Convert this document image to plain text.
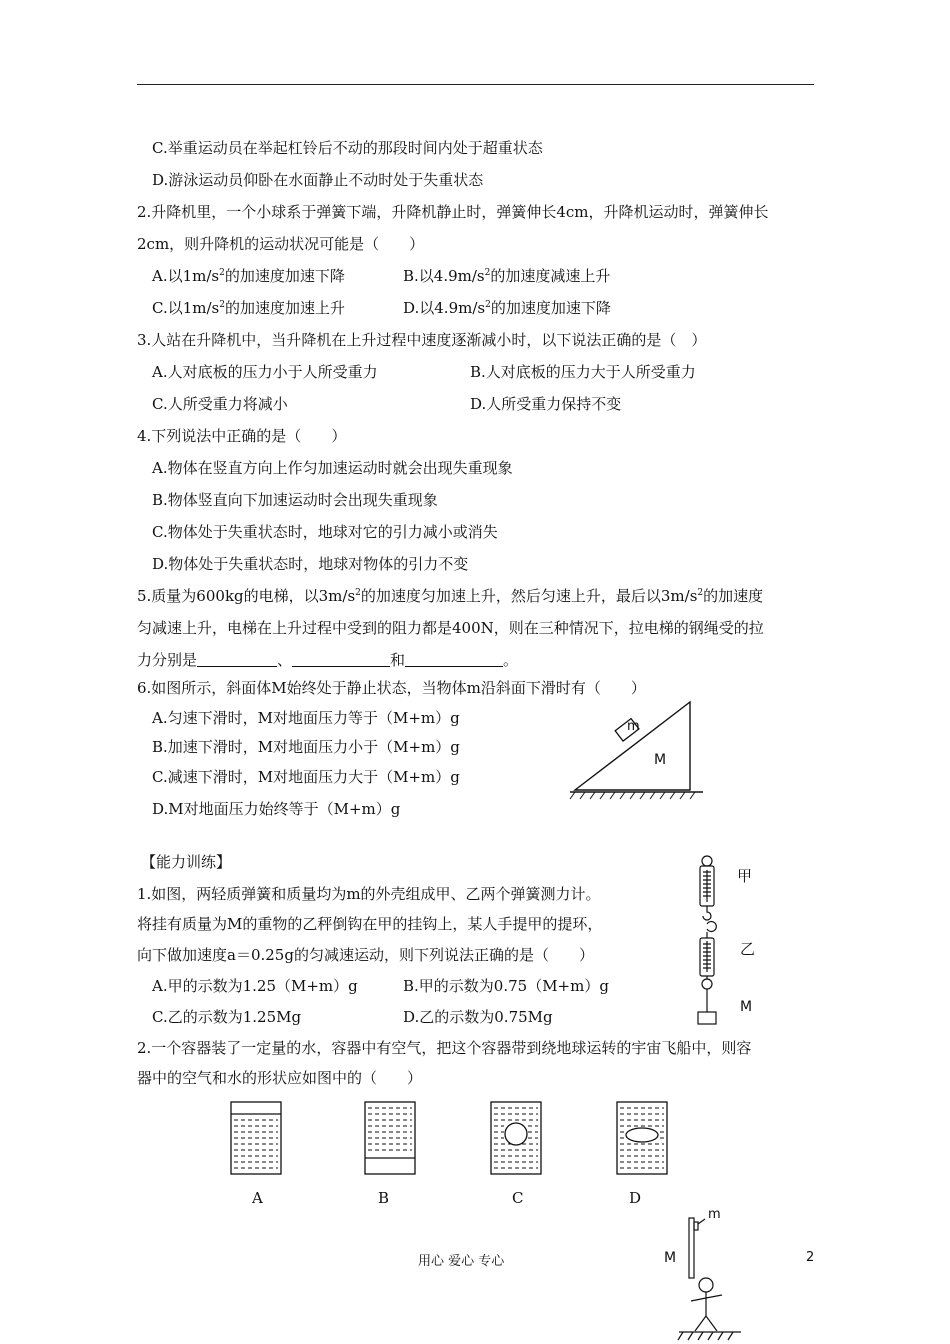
C.举重运动员在举起杠铃后不动的那段时间内处于超重状态
D.游泳运动员仰卧在水面静止不动时处于失重状态
2.升降机里，一个小球系于弹簧下端，升降机静止时，弹簧伸长4cm，升降机运动时，弹簧伸长
2cm，则升降机的运动状况可能是（　　）
A.以$1m/s^2$的加速度加速下降	B.以$4.9m/s^2$的加速度减速上升
C.以$1m/s^2$的加速度加速上升	D.以$4.9m/s^2$的加速度加速下降
3.人站在升降机中，当升降机在上升过程中速度逐渐减小时，以下说法正确的是（　）
A.人对底板的压力小于人所受重力	B.人对底板的压力大于人所受重力
C.人所受重力将减小	D.人所受重力保持不变
4.下列说法中正确的是（　　）
A.物体在竖直方向上作匀加速运动时就会出现失重现象
B.物体竖直向下加速运动时会出现失重现象
C.物体处于失重状态时，地球对它的引力减小或消失
D.物体处于失重状态时，地球对物体的引力不变
5.质量为600kg的电梯，以$3m/s^2$的加速度匀加速上升，然后匀速上升，最后以$3m/s^2$的加速度
匀减速上升，电梯在上升过程中受到的阻力都是400N，则在三种情况下，拉电梯的钢绳受的拉
力分别是	、	和	。
6.如图所示，斜面体M始终处于静止状态，当物体m沿斜面下滑时有（　　）
A.匀速下滑时，M对地面压力等于（M+m）g
B.加速下滑时，M对地面压力小于（M+m）g
C.减速下滑时，M对地面压力大于（M+m）g
D.M对地面压力始终等于（M+m）g
m
M
【能力训练】
1.如图，两轻质弹簧和质量均为m的外壳组成甲、乙两个弹簧测力计。
将挂有质量为M的重物的乙秤倒钩在甲的挂钩上，某人手提甲的提环，
向下做加速度a＝0.25g的匀减速运动，则下列说法正确的是（　　）
A.甲的示数为1.25（M+m）g	B.甲的示数为0.75（M+m）g
C.乙的示数为1.25Mg	D.乙的示数为0.75Mg
甲
乙
M
2.一个容器装了一定量的水，容器中有空气，把这个容器带到绕地球运转的宇宙飞船中，则容
器中的空气和水的形状应如图中的（　　）
A	B	C	D
m
M
用心 爱心 专心	2
